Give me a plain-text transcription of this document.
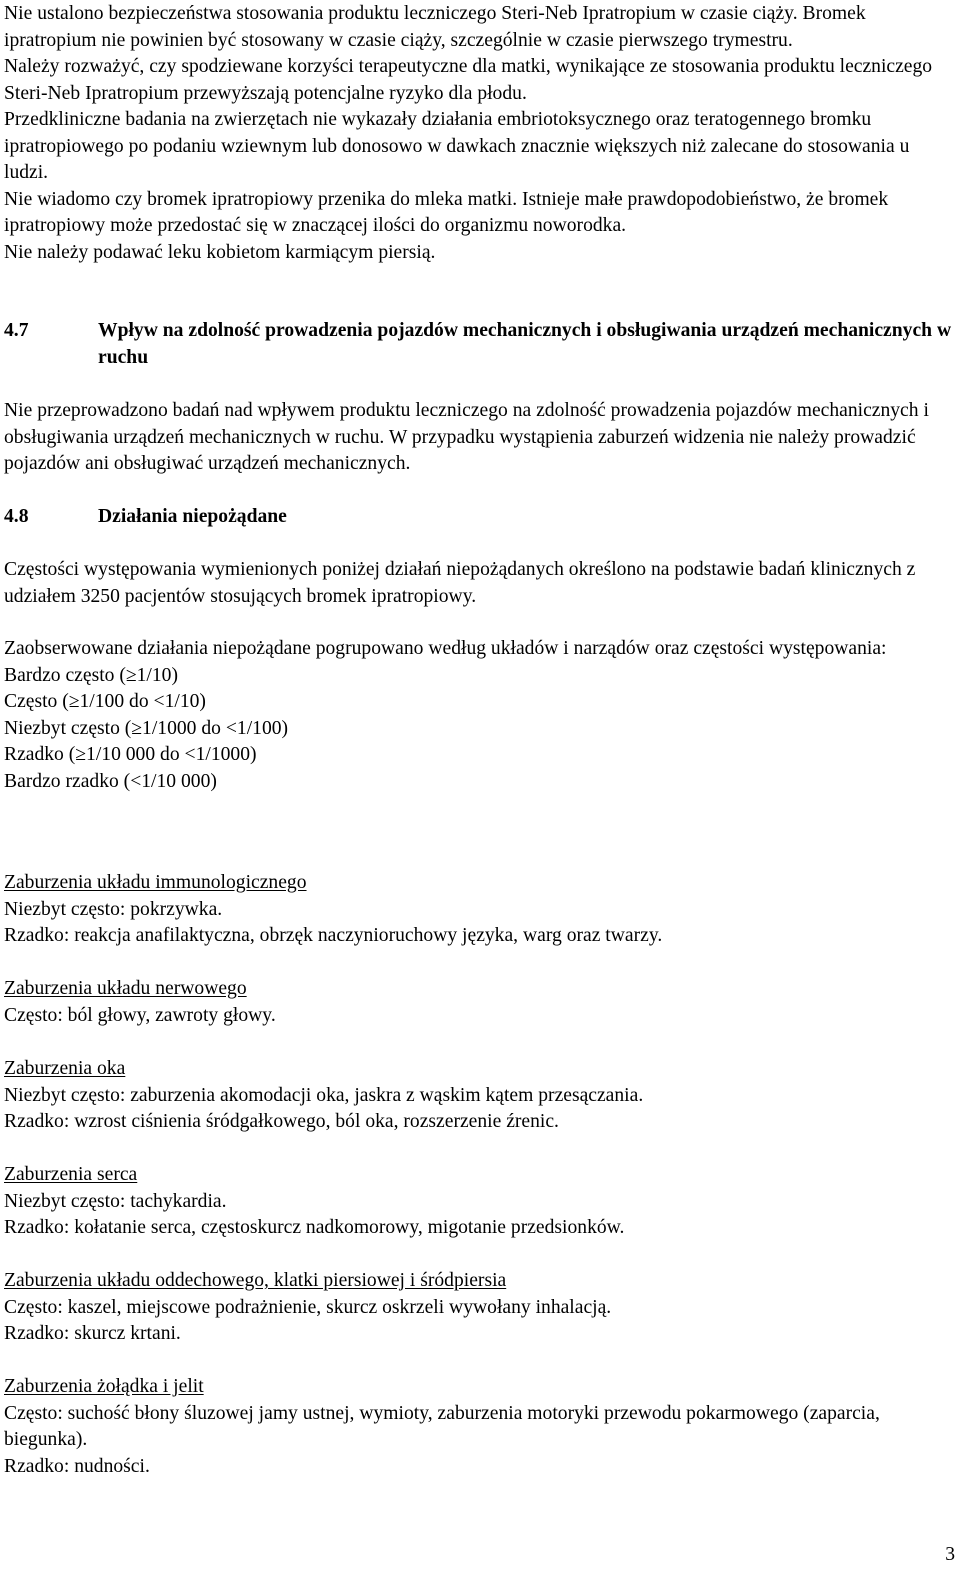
Nie ustalono bezpieczeństwa stosowania produktu leczniczego Steri-Neb Ipratropium w czasie ciąży. Bromek ipratropium nie powinien być stosowany w czasie ciąży, szczególnie w czasie pierwszego trymestru.

Należy rozważyć, czy spodziewane korzyści terapeutyczne dla matki, wynikające ze stosowania produktu leczniczego Steri-Neb Ipratropium przewyższają potencjalne ryzyko dla płodu.

Przedkliniczne badania na zwierzętach nie wykazały działania embriotoksycznego oraz teratogennego bromku ipratropiowego po podaniu wziewnym lub donosowo w dawkach znacznie większych niż zalecane do stosowania u ludzi.

Nie wiadomo czy bromek ipratropiowy przenika do mleka matki. Istnieje małe prawdopodobieństwo, że bromek ipratropiowy może przedostać się w znaczącej ilości do organizmu noworodka.

Nie należy podawać leku kobietom karmiącym piersią.

4.7	Wpływ na zdolność prowadzenia pojazdów mechanicznych i obsługiwania urządzeń mechanicznych w ruchu

Nie przeprowadzono badań nad wpływem produktu leczniczego na zdolność prowadzenia pojazdów mechanicznych i obsługiwania urządzeń mechanicznych w ruchu. W przypadku wystąpienia zaburzeń widzenia nie należy prowadzić pojazdów ani obsługiwać urządzeń mechanicznych.

4.8	Działania niepożądane

Częstości występowania wymienionych poniżej działań niepożądanych określono na podstawie badań klinicznych z udziałem 3250 pacjentów stosujących bromek ipratropiowy.

Zaobserwowane działania niepożądane pogrupowano według układów i narządów oraz częstości występowania:

Bardzo często (≥1/10)

Często (≥1/100 do <1/10)

Niezbyt często (≥1/1000 do <1/100)

Rzadko (≥1/10 000 do <1/1000)

Bardzo rzadko (<1/10 000)

Zaburzenia układu immunologicznego

Niezbyt często: pokrzywka.

Rzadko: reakcja anafilaktyczna, obrzęk naczynioruchowy języka, warg oraz twarzy.

Zaburzenia układu nerwowego

Często: ból głowy, zawroty głowy.

Zaburzenia oka

Niezbyt często: zaburzenia akomodacji oka, jaskra z wąskim kątem przesączania.

Rzadko: wzrost ciśnienia śródgałkowego, ból oka, rozszerzenie źrenic.

Zaburzenia serca

Niezbyt często: tachykardia.

Rzadko: kołatanie serca, częstoskurcz nadkomorowy, migotanie przedsionków.

Zaburzenia układu oddechowego, klatki piersiowej i śródpiersia

Często: kaszel, miejscowe podrażnienie, skurcz oskrzeli wywołany inhalacją.

Rzadko: skurcz krtani.

Zaburzenia żołądka i jelit

Często: suchość błony śluzowej jamy ustnej, wymioty, zaburzenia motoryki przewodu pokarmowego (zaparcia, biegunka).

Rzadko: nudności.

3
